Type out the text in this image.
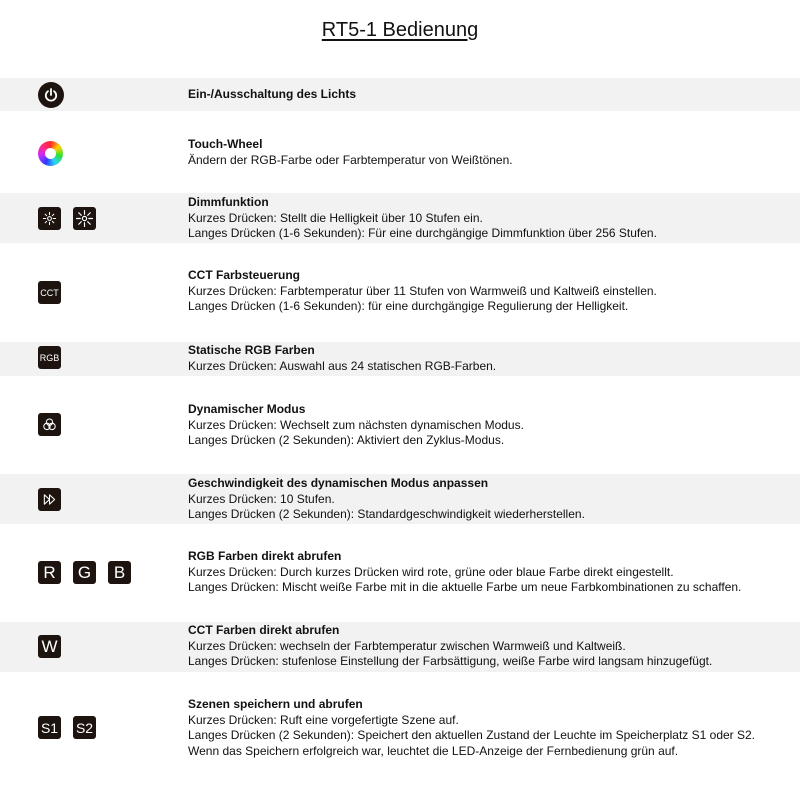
RT5-1 Bedienung
Ein-/Ausschaltung des Lichts
Touch-Wheel
Ändern der RGB-Farbe oder Farbtemperatur von Weißtönen.
Dimmfunktion
Kurzes Drücken: Stellt die Helligkeit über 10 Stufen ein.
Langes Drücken (1-6 Sekunden): Für eine durchgängige Dimmfunktion über 256 Stufen.
CCT
CCT Farbsteuerung
Kurzes Drücken: Farbtemperatur über 11 Stufen von Warmweiß und Kaltweiß einstellen.
Langes Drücken (1-6 Sekunden): für eine durchgängige Regulierung der Helligkeit.
RGB
Statische RGB Farben
Kurzes Drücken: Auswahl aus 24 statischen RGB-Farben.
Dynamischer Modus
Kurzes Drücken: Wechselt zum nächsten dynamischen Modus.
Langes Drücken (2 Sekunden): Aktiviert den Zyklus-Modus.
Geschwindigkeit des dynamischen Modus anpassen
Kurzes Drücken: 10 Stufen.
Langes Drücken (2 Sekunden): Standardgeschwindigkeit wiederherstellen.
R	G	B
RGB Farben direkt abrufen
Kurzes Drücken: Durch kurzes Drücken wird rote, grüne oder blaue Farbe direkt eingestellt.
Langes Drücken: Mischt weiße Farbe mit in die aktuelle Farbe um neue Farbkombinationen zu schaffen.
W
CCT Farben direkt abrufen
Kurzes Drücken: wechseln der Farbtemperatur zwischen Warmweiß und Kaltweiß.
Langes Drücken: stufenlose Einstellung der Farbsättigung, weiße Farbe wird langsam hinzugefügt.
S1 S2
Szenen speichern und abrufen
Kurzes Drücken: Ruft eine vorgefertigte Szene auf.
Langes Drücken (2 Sekunden): Speichert den aktuellen Zustand der Leuchte im Speicherplatz S1 oder S2.
Wenn das Speichern erfolgreich war, leuchtet die LED-Anzeige der Fernbedienung grün auf.
